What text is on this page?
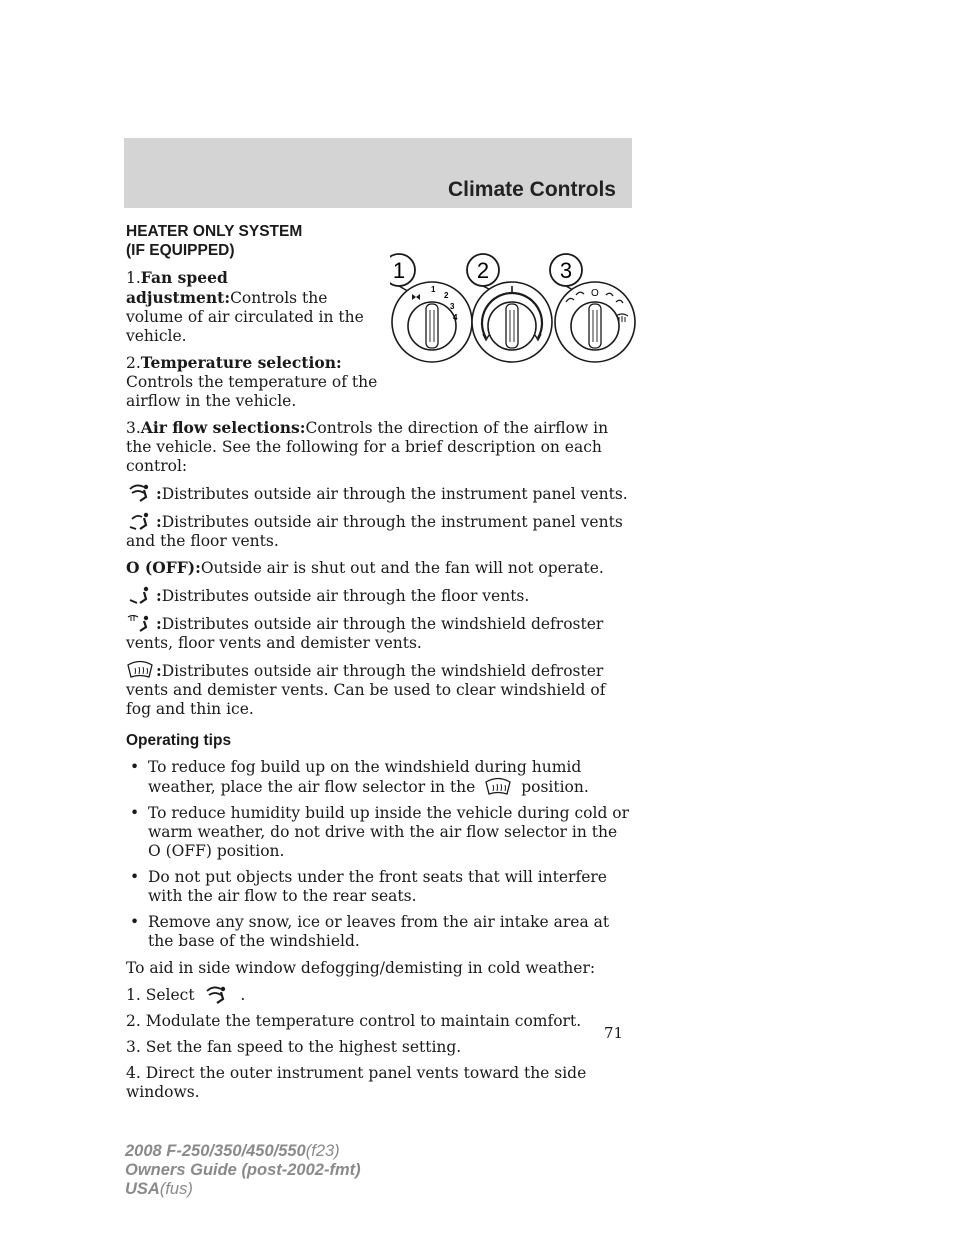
Climate Controls
1	2	3
1
2
3
4
O
HEATER ONLY SYSTEM
(IF EQUIPPED)

1.Fan speed adjustment:Controls the volume of air circulated in the vehicle.

2.Temperature selection:
Controls the temperature of the airflow in the vehicle.

3.Air flow selections:Controls the direction of the airflow in the vehicle. See the following for a brief description on each control:

:Distributes outside air through the instrument panel vents.

:Distributes outside air through the instrument panel vents and the floor vents.

O (OFF):Outside air is shut out and the fan will not operate.

:Distributes outside air through the floor vents.

:Distributes outside air through the windshield defroster vents, floor vents and demister vents.

:Distributes outside air through the windshield defroster vents and demister vents. Can be used to clear windshield of fog and thin ice.

Operating tips
• To reduce fog build up on the windshield during humid weather, place the air flow selector in the	position.
• To reduce humidity build up inside the vehicle during cold or warm weather, do not drive with the air flow selector in the O (OFF) position.
• Do not put objects under the front seats that will interfere with the air flow to the rear seats.
• Remove any snow, ice or leaves from the air intake area at the base of the windshield.

To aid in side window defogging/demisting in cold weather:

1. Select	.

2. Modulate the temperature control to maintain comfort.

3. Set the fan speed to the highest setting.

4. Direct the outer instrument panel vents toward the side windows.

71
2008 F-250/350/450/550(f23)
Owners Guide (post-2002-fmt)
USA(fus)
